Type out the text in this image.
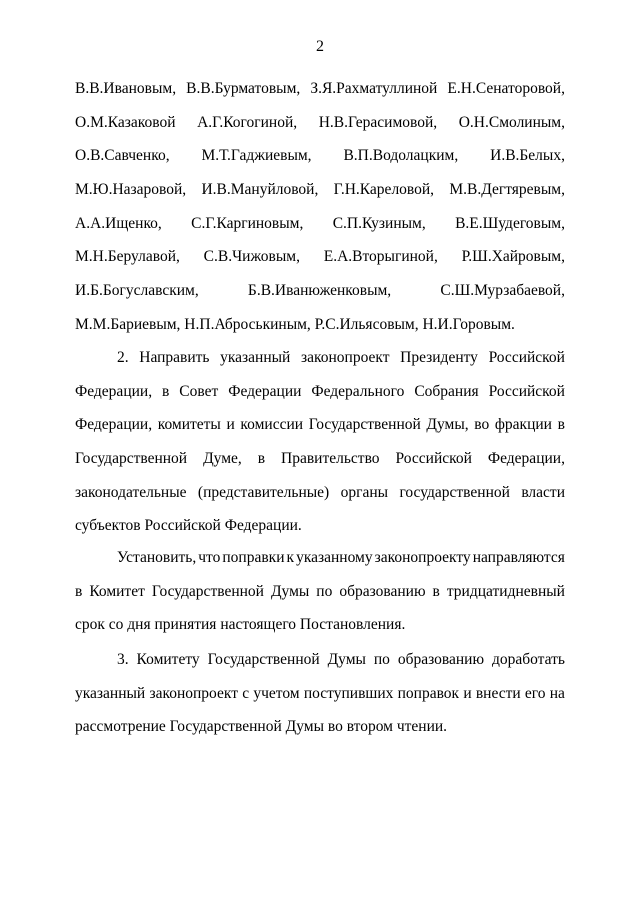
2
В.В.Ивановым, В.В.Бурматовым, З.Я.Рахматуллиной Е.Н.Сенаторовой,
О.М.Казаковой А.Г.Когогиной, Н.В.Герасимовой, О.Н.Смолиным,
О.В.Савченко, М.Т.Гаджиевым, В.П.Водолацким, И.В.Белых,
М.Ю.Назаровой, И.В.Мануйловой, Г.Н.Кареловой, М.В.Дегтяревым,
А.А.Ищенко, С.Г.Каргиновым, С.П.Кузиным, В.Е.Шудеговым,
М.Н.Берулавой, С.В.Чижовым, Е.А.Вторыгиной, Р.Ш.Хайровым,
И.Б.Богуславским,	Б.В.Иванюженковым,	С.Ш.Мурзабаевой,
М.М.Бариевым, Н.П.Аброськиным, Р.С.Ильясовым, Н.И.Горовым.
2. Направить указанный законопроект Президенту Российской
Федерации, в Совет Федерации Федерального Собрания Российской
Федерации, комитеты и комиссии Государственной Думы, во фракции в
Государственной Думе, в Правительство Российской Федерации,
законодательные (представительные) органы государственной власти
субъектов Российской Федерации.
Установить, что поправки к указанному законопроекту направляются
в Комитет Государственной Думы по образованию в тридцатидневный
срок со дня принятия настоящего Постановления.
3. Комитету Государственной Думы по образованию доработать
указанный законопроект с учетом поступивших поправок и внести его на
рассмотрение Государственной Думы во втором чтении.
